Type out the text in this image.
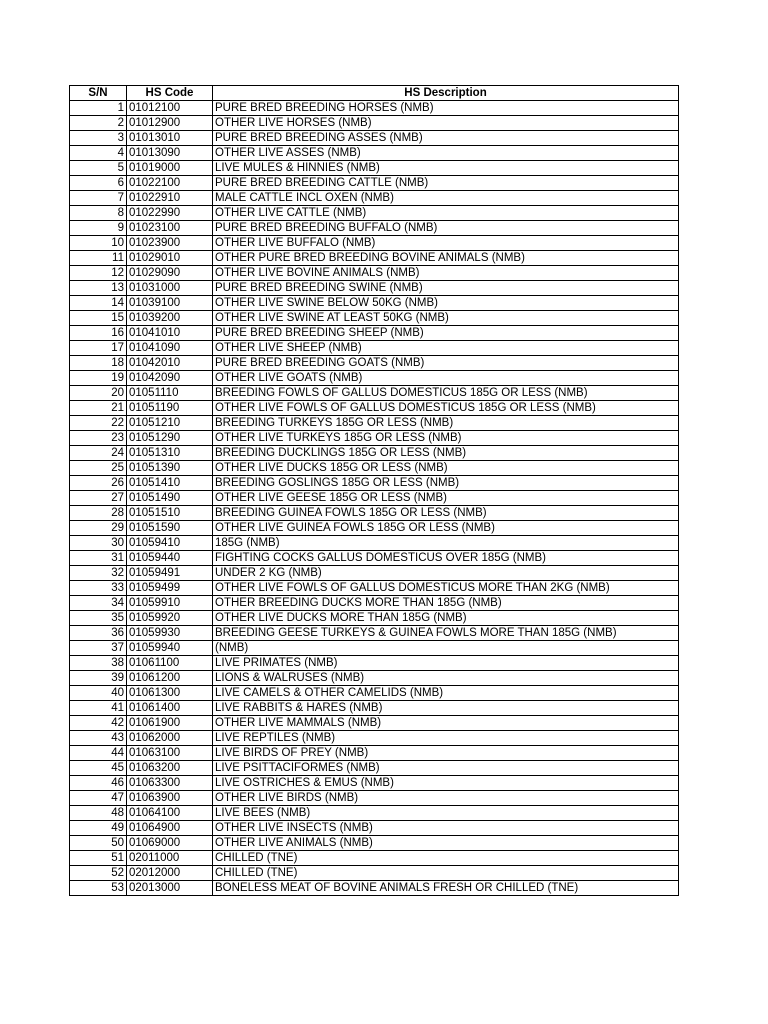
S/N	HS Code	HS Description
1	01012100	PURE BRED BREEDING HORSES (NMB)
2	01012900	OTHER LIVE HORSES (NMB)
3	01013010	PURE BRED BREEDING ASSES (NMB)
4	01013090	OTHER LIVE ASSES (NMB)
5	01019000	LIVE MULES & HINNIES (NMB)
6	01022100	PURE BRED BREEDING CATTLE (NMB)
7	01022910	MALE CATTLE INCL OXEN (NMB)
8	01022990	OTHER LIVE CATTLE (NMB)
9	01023100	PURE BRED BREEDING BUFFALO (NMB)
10	01023900	OTHER LIVE BUFFALO (NMB)
11	01029010	OTHER PURE BRED BREEDING BOVINE ANIMALS (NMB)
12	01029090	OTHER LIVE BOVINE ANIMALS (NMB)
13	01031000	PURE BRED BREEDING SWINE (NMB)
14	01039100	OTHER LIVE SWINE BELOW 50KG (NMB)
15	01039200	OTHER LIVE SWINE AT LEAST 50KG (NMB)
16	01041010	PURE BRED BREEDING SHEEP (NMB)
17	01041090	OTHER LIVE SHEEP (NMB)
18	01042010	PURE BRED BREEDING GOATS (NMB)
19	01042090	OTHER LIVE GOATS (NMB)
20	01051110	BREEDING FOWLS OF GALLUS DOMESTICUS 185G OR LESS (NMB)
21	01051190	OTHER LIVE FOWLS OF GALLUS DOMESTICUS 185G OR LESS (NMB)
22	01051210	BREEDING TURKEYS 185G OR LESS (NMB)
23	01051290	OTHER LIVE TURKEYS 185G OR LESS (NMB)
24	01051310	BREEDING DUCKLINGS 185G OR LESS (NMB)
25	01051390	OTHER LIVE DUCKS 185G OR LESS (NMB)
26	01051410	BREEDING GOSLINGS 185G OR LESS (NMB)
27	01051490	OTHER LIVE GEESE 185G OR LESS (NMB)
28	01051510	BREEDING GUINEA FOWLS 185G OR LESS (NMB)
29	01051590	OTHER LIVE GUINEA FOWLS 185G OR LESS (NMB)
30	01059410	185G (NMB)
31	01059440	FIGHTING COCKS GALLUS DOMESTICUS OVER 185G (NMB)
32	01059491	UNDER 2 KG (NMB)
33	01059499	OTHER LIVE FOWLS OF GALLUS DOMESTICUS MORE THAN 2KG (NMB)
34	01059910	OTHER BREEDING DUCKS MORE THAN 185G (NMB)
35	01059920	OTHER LIVE DUCKS MORE THAN 185G (NMB)
36	01059930	BREEDING GEESE TURKEYS & GUINEA FOWLS MORE THAN 185G (NMB)
37	01059940	(NMB)
38	01061100	LIVE PRIMATES (NMB)
39	01061200	LIONS & WALRUSES (NMB)
40	01061300	LIVE CAMELS & OTHER CAMELIDS (NMB)
41	01061400	LIVE RABBITS & HARES (NMB)
42	01061900	OTHER LIVE MAMMALS (NMB)
43	01062000	LIVE REPTILES (NMB)
44	01063100	LIVE BIRDS OF PREY (NMB)
45	01063200	LIVE PSITTACIFORMES (NMB)
46	01063300	LIVE OSTRICHES & EMUS (NMB)
47	01063900	OTHER LIVE BIRDS (NMB)
48	01064100	LIVE BEES (NMB)
49	01064900	OTHER LIVE INSECTS (NMB)
50	01069000	OTHER LIVE ANIMALS (NMB)
51	02011000	CHILLED (TNE)
52	02012000	CHILLED (TNE)
53	02013000	BONELESS MEAT OF BOVINE ANIMALS FRESH OR CHILLED (TNE)
